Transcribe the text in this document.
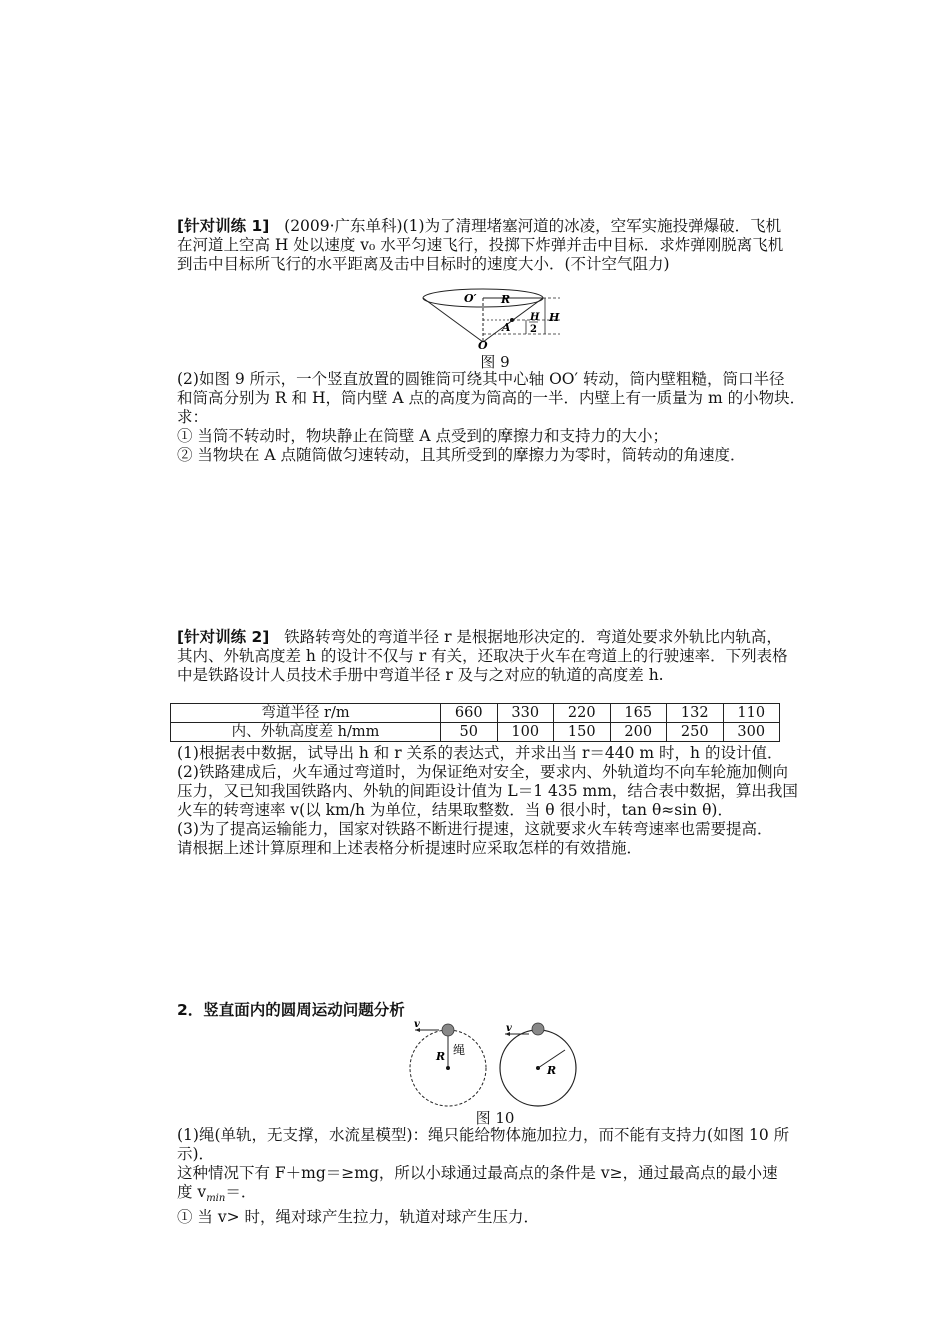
[针对训练 1] (2009·广东单科)(1)为了清理堵塞河道的冰凌，空军实施投弹爆破．飞机

在河道上空高 H 处以速度 v₀ 水平匀速飞行，投掷下炸弹并击中目标．求炸弹刚脱离飞机

到击中目标所飞行的水平距离及击中目标时的速度大小．(不计空气阻力)

O′ R
A
H
2
H
O
图 9

(2)如图 9 所示，一个竖直放置的圆锥筒可绕其中心轴 OO′ 转动，筒内壁粗糙，筒口半径

和筒高分别为 R 和 H，筒内壁 A 点的高度为筒高的一半．内壁上有一质量为 m 的小物块．

求：

① 当筒不转动时，物块静止在筒壁 A 点受到的摩擦力和支持力的大小；

② 当物块在 A 点随筒做匀速转动，且其所受到的摩擦力为零时，筒转动的角速度．

[针对训练 2] 铁路转弯处的弯道半径 r 是根据地形决定的．弯道处要求外轨比内轨高，

其内、外轨高度差 h 的设计不仅与 r 有关，还取决于火车在弯道上的行驶速率．下列表格

中是铁路设计人员技术手册中弯道半径 r 及与之对应的轨道的高度差 h.

弯道半径 r/m	660	330	220	165	132	110
内、外轨高度差 h/mm	50	100	150	200	250	300

(1)根据表中数据，试导出 h 和 r 关系的表达式，并求出当 r＝440 m 时，h 的设计值．

(2)铁路建成后，火车通过弯道时，为保证绝对安全，要求内、外轨道均不向车轮施加侧向

压力，又已知我国铁路内、外轨的间距设计值为 L＝1 435 mm，结合表中数据，算出我国

火车的转弯速率 v(以 km/h 为单位，结果取整数．当 θ 很小时，tan θ≈sin θ)．

(3)为了提高运输能力，国家对铁路不断进行提速，这就要求火车转弯速率也需要提高．

请根据上述计算原理和上述表格分析提速时应采取怎样的有效措施．

2．竖直面内的圆周运动问题分析
v
R 绳
v
R
图 10

(1)绳(单轨，无支撑，水流星模型)：绳只能给物体施加拉力，而不能有支持力(如图 10 所

示)．

这种情况下有 F＋mg＝≥mg，所以小球通过最高点的条件是 v≥，通过最高点的最小速

度 $v_{min}=$．

① 当 v> 时，绳对球产生拉力，轨道对球产生压力．
